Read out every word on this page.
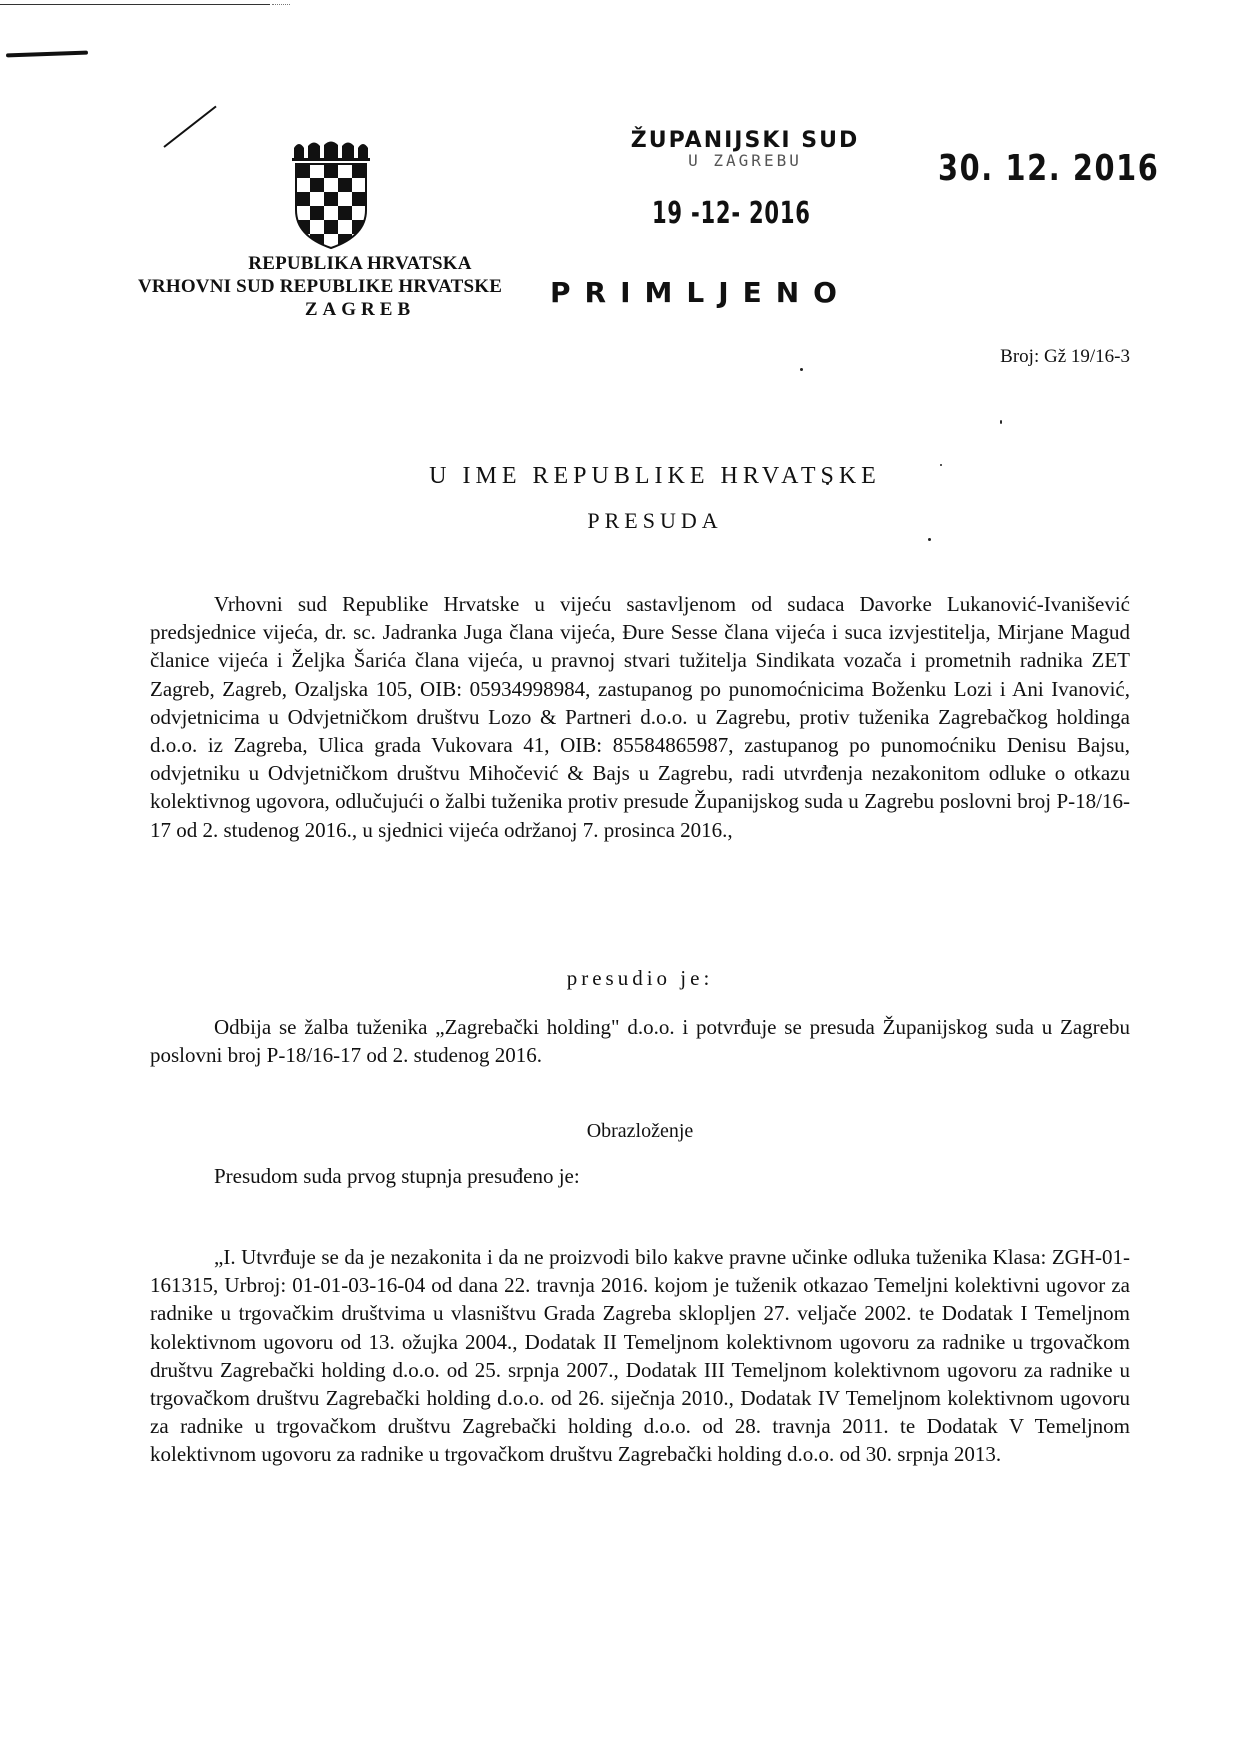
REPUBLIKA HRVATSKA

VRHOVNI SUD REPUBLIKE HRVATSKE
ZAGREB
ŽUPANIJSKI SUD
U ZAGREBU
19 -12- 2016
PRIMLJENO
30. 12. 2016
Broj: Gž 19/16-3
U IME REPUBLIKE HRVATSKE
PRESUDA
Vrhovni sud Republike Hrvatske u vijeću sastavljenom od sudaca Davorke Lukanović-Ivanišević predsjednice vijeća, dr. sc. Jadranka Juga člana vijeća, Đure Sesse člana vijeća i suca izvjestitelja, Mirjane Magud članice vijeća i Željka Šarića člana vijeća, u pravnoj stvari tužitelja Sindikata vozača i prometnih radnika ZET Zagreb, Zagreb, Ozaljska 105, OIB: 05934998984, zastupanog po punomoćnicima Boženku Lozi i Ani Ivanović, odvjetnicima u Odvjetničkom društvu Lozo & Partneri d.o.o. u Zagrebu, protiv tuženika Zagrebačkog holdinga d.o.o. iz Zagreba, Ulica grada Vukovara 41, OIB: 85584865987, zastupanog po punomoćniku Denisu Bajsu, odvjetniku u Odvjetničkom društvu Mihočević & Bajs u Zagrebu, radi utvrđenja nezakonitom odluke o otkazu kolektivnog ugovora, odlučujući o žalbi tuženika protiv presude Županijskog suda u Zagrebu poslovni broj P-18/16-17 od 2. studenog 2016., u sjednici vijeća održanoj 7. prosinca 2016.,
presudio je:
Odbija se žalba tuženika „Zagrebački holding" d.o.o. i potvrđuje se presuda Županijskog suda u Zagrebu poslovni broj P-18/16-17 od 2. studenog 2016.
Obrazloženje
Presudom suda prvog stupnja presuđeno je:
„I. Utvrđuje se da je nezakonita i da ne proizvodi bilo kakve pravne učinke odluka tuženika Klasa: ZGH-01-161315, Urbroj: 01-01-03-16-04 od dana 22. travnja 2016. kojom je tuženik otkazao Temeljni kolektivni ugovor za radnike u trgovačkim društvima u vlasništvu Grada Zagreba sklopljen 27. veljače 2002. te Dodatak I Temeljnom kolektivnom ugovoru od 13. ožujka 2004., Dodatak II Temeljnom kolektivnom ugovoru za radnike u trgovačkom društvu Zagrebački holding d.o.o. od 25. srpnja 2007., Dodatak III Temeljnom kolektivnom ugovoru za radnike u trgovačkom društvu Zagrebački holding d.o.o. od 26. siječnja 2010., Dodatak IV Temeljnom kolektivnom ugovoru za radnike u trgovačkom društvu Zagrebački holding d.o.o. od 28. travnja 2011. te Dodatak V Temeljnom kolektivnom ugovoru za radnike u trgovačkom društvu Zagrebački holding d.o.o. od 30. srpnja 2013.
